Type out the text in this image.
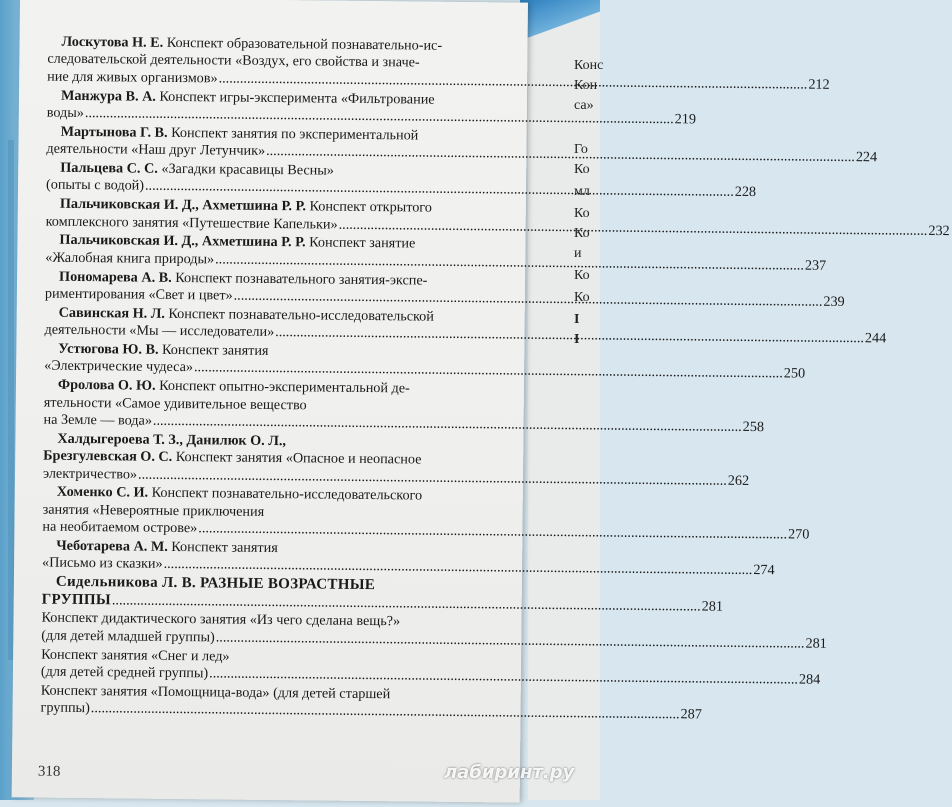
Конс
Кон
са»
Го
Ко
мл
Ко
Ко
и
Ко
Ко
I
I
Лоскутова Н. Е. Конспект образовательной познавательно-ис-
следовательской деятельности «Воздух, его свойства и значе-
ние для живых организмов» .....	212
Манжура В. А. Конспект игры-эксперимента «Фильтрование
воды» .....	219
Мартынова Г. В. Конспект занятия по экспериментальной
деятельности «Наш друг Летунчик» .....	224
Пальцева С. С. «Загадки красавицы Весны»
(опыты с водой) .....	228
Пальчиковская И. Д., Ахметшина Р. Р. Конспект открытого
комплексного занятия «Путешествие Капельки» .....	232
Пальчиковская И. Д., Ахметшина Р. Р. Конспект занятие
«Жалобная книга природы» .....	237
Пономарева А. В. Конспект познавательного занятия-экспе-
риментирования «Свет и цвет» .....	239
Савинская Н. Л. Конспект познавательно-исследовательской
деятельности «Мы — исследователи» .....	244
Устюгова Ю. В. Конспект занятия
«Электрические чудеса» .....	250
Фролова О. Ю. Конспект опытно-экспериментальной де-
ятельности «Самое удивительное вещество
на Земле — вода» .....	258
Халдыгероева Т. З., Данилюк О. Л.,
Брезгулевская О. С. Конспект занятия «Опасное и неопасное
электричество» .....	262
Хоменко С. И. Конспект познавательно-исследовательского
занятия «Невероятные приключения
на необитаемом острове» .....	270
Чеботарева А. М. Конспект занятия
«Письмо из сказки» .....	274
Сидельникова Л. В. РАЗНЫЕ ВОЗРАСТНЫЕ
ГРУППЫ .....	281
Конспект дидактического занятия «Из чего сделана вещь?»
(для детей младшей группы) .....	281
Конспект занятия «Снег и лед»
(для детей средней группы) .....	284
Конспект занятия «Помощница-вода» (для детей старшей
группы) .....	287
318	лабиринт.ру
